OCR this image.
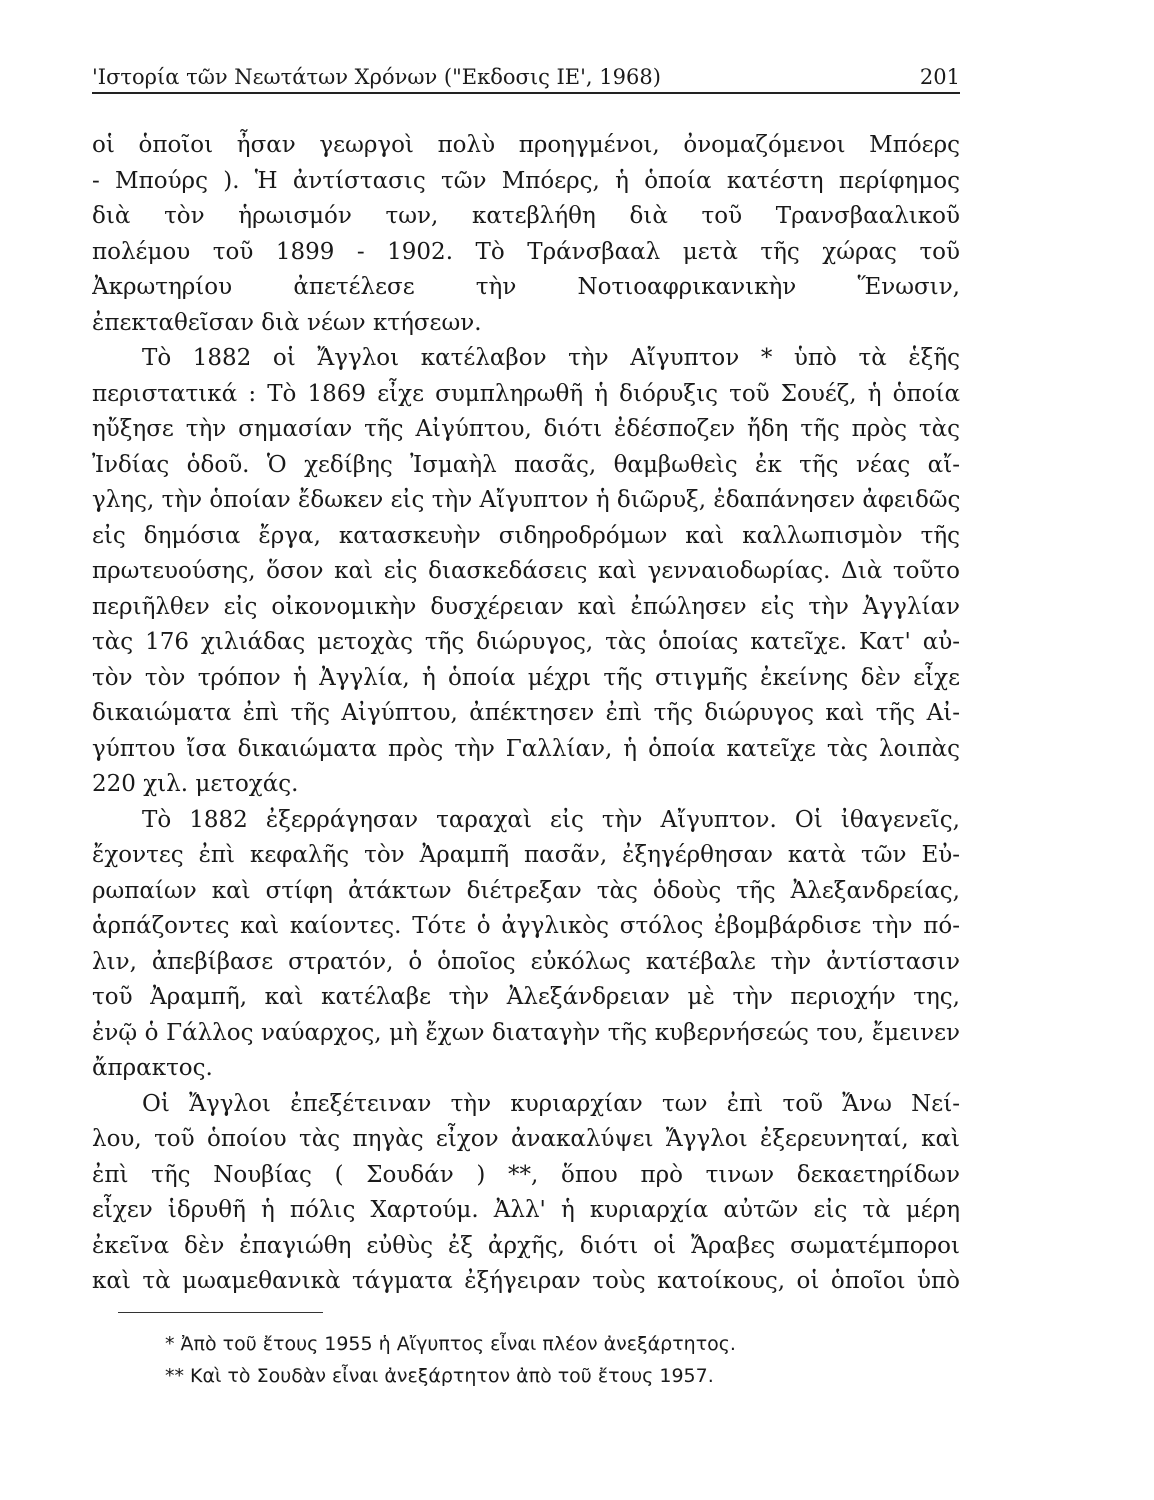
'Ιστορία τῶν Νεωτάτων Χρόνων ("Εκδοσις ΙΕ', 1968)	201
οἱ ὁποῖοι ἦσαν γεωργοὶ πολὺ προηγμένοι, ὀνομαζόμενοι Μπόερς
- Μπούρς ). Ἡ ἀντίστασις τῶν Μπόερς, ἡ ὁποία κατέστη περίφημος
διὰ τὸν ἡρωισμόν των, κατεβλήθη διὰ τοῦ Τρανσβααλικοῦ
πολέμου τοῦ 1899 - 1902. Τὸ Τράνσβααλ μετὰ τῆς χώρας τοῦ
Ἀκρωτηρίου ἀπετέλεσε τὴν Νοτιοαφρικανικὴν Ἕνωσιν,
ἐπεκταθεῖσαν διὰ νέων κτήσεων.
Τὸ 1882 οἱ Ἄγγλοι κατέλαβον τὴν Αἴγυπτον * ὑπὸ τὰ ἑξῆς
περιστατικά : Τὸ 1869 εἶχε συμπληρωθῆ ἡ διόρυξις τοῦ Σουέζ, ἡ ὁποία
ηὔξησε τὴν σημασίαν τῆς Αἰγύπτου, διότι ἐδέσποζεν ἤδη τῆς πρὸς τὰς
Ἰνδίας ὁδοῦ. Ὁ χεδίβης Ἰσμαὴλ πασᾶς, θαμβωθεὶς ἐκ τῆς νέας αἴ-
γλης, τὴν ὁποίαν ἔδωκεν εἰς τὴν Αἴγυπτον ἡ διῶρυξ, ἐδαπάνησεν ἀφειδῶς
εἰς δημόσια ἔργα, κατασκευὴν σιδηροδρόμων καὶ καλλωπισμὸν τῆς
πρωτευούσης, ὅσον καὶ εἰς διασκεδάσεις καὶ γενναιοδωρίας. Διὰ τοῦτο
περιῆλθεν εἰς οἰκονομικὴν δυσχέρειαν καὶ ἐπώλησεν εἰς τὴν Ἀγγλίαν
τὰς 176 χιλιάδας μετοχὰς τῆς διώρυγος, τὰς ὁποίας κατεῖχε. Κατ' αὐ-
τὸν τὸν τρόπον ἡ Ἀγγλία, ἡ ὁποία μέχρι τῆς στιγμῆς ἐκείνης δὲν εἶχε
δικαιώματα ἐπὶ τῆς Αἰγύπτου, ἀπέκτησεν ἐπὶ τῆς διώρυγος καὶ τῆς Αἰ-
γύπτου ἴσα δικαιώματα πρὸς τὴν Γαλλίαν, ἡ ὁποία κατεῖχε τὰς λοιπὰς
220 χιλ. μετοχάς.
Τὸ 1882 ἐξερράγησαν ταραχαὶ εἰς τὴν Αἴγυπτον. Οἱ ἰθαγενεῖς,
ἔχοντες ἐπὶ κεφαλῆς τὸν Ἀραμπῆ πασᾶν, ἐξηγέρθησαν κατὰ τῶν Εὐ-
ρωπαίων καὶ στίφη ἀτάκτων διέτρεξαν τὰς ὁδοὺς τῆς Ἀλεξανδρείας,
ἁρπάζοντες καὶ καίοντες. Τότε ὁ ἀγγλικὸς στόλος ἐβομβάρδισε τὴν πό-
λιν, ἀπεβίβασε στρατόν, ὁ ὁποῖος εὐκόλως κατέβαλε τὴν ἀντίστασιν
τοῦ Ἀραμπῆ, καὶ κατέλαβε τὴν Ἀλεξάνδρειαν μὲ τὴν περιοχήν της,
ἐνῷ ὁ Γάλλος ναύαρχος, μὴ ἔχων διαταγὴν τῆς κυβερνήσεώς του, ἔμεινεν
ἄπρακτος.
Οἱ Ἄγγλοι ἐπεξέτειναν τὴν κυριαρχίαν των ἐπὶ τοῦ Ἄνω Νεί-
λου, τοῦ ὁποίου τὰς πηγὰς εἶχον ἀνακαλύψει Ἄγγλοι ἐξερευνηταί, καὶ
ἐπὶ τῆς Νουβίας ( Σουδάν ) **, ὅπου πρὸ τινων δεκαετηρίδων
εἶχεν ἱδρυθῆ ἡ πόλις Χαρτούμ. Ἀλλ' ἡ κυριαρχία αὐτῶν εἰς τὰ μέρη
ἐκεῖνα δὲν ἐπαγιώθη εὐθὺς ἐξ ἀρχῆς, διότι οἱ Ἄραβες σωματέμποροι
καὶ τὰ μωαμεθανικὰ τάγματα ἐξήγειραν τοὺς κατοίκους, οἱ ὁποῖοι ὑπὸ
* Ἀπὸ τοῦ ἔτους 1955 ἡ Αἴγυπτος εἶναι πλέον ἀνεξάρτητος.
** Καὶ τὸ Σουδὰν εἶναι ἀνεξάρτητον ἀπὸ τοῦ ἔτους 1957.
